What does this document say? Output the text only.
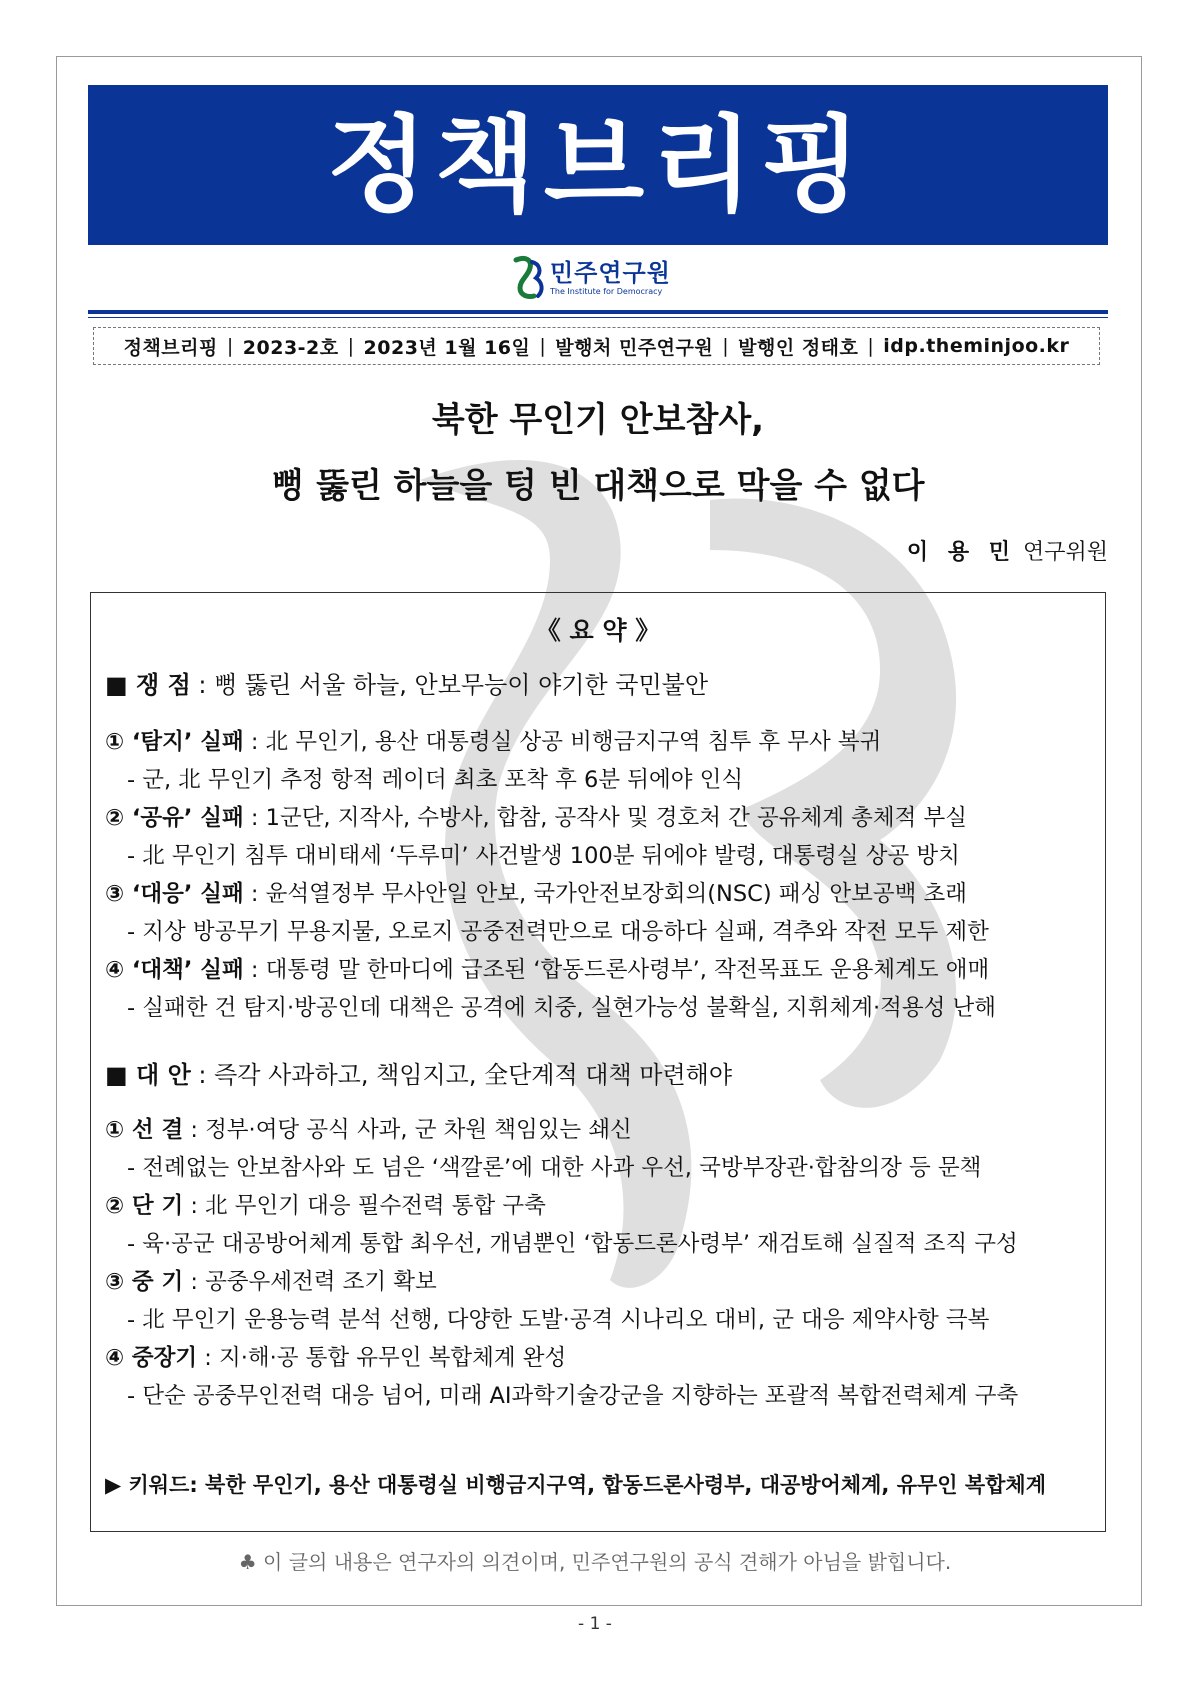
정책브리핑
민주연구원
The Institute for Democracy
정책브리핑 | 2023-2호 | 2023년 1월 16일 | 발행처 민주연구원 | 발행인 정태호 | idp.theminjoo.kr
북한 무인기 안보참사,
뻥 뚫린 하늘을 텅 빈 대책으로 막을 수 없다
이 용 민 연구위원
《 요 약 》
■ 쟁 점 : 뻥 뚫린 서울 하늘, 안보무능이 야기한 국민불안
① ‘탐지’ 실패 : 北 무인기, 용산 대통령실 상공 비행금지구역 침투 후 무사 복귀
- 군, 北 무인기 추정 항적 레이더 최초 포착 후 6분 뒤에야 인식
② ‘공유’ 실패 : 1군단, 지작사, 수방사, 합참, 공작사 및 경호처 간 공유체계 총체적 부실
- 北 무인기 침투 대비태세 ‘두루미’ 사건발생 100분 뒤에야 발령, 대통령실 상공 방치
③ ‘대응’ 실패 : 윤석열정부 무사안일 안보, 국가안전보장회의(NSC) 패싱 안보공백 초래
- 지상 방공무기 무용지물, 오로지 공중전력만으로 대응하다 실패, 격추와 작전 모두 제한
④ ‘대책’ 실패 : 대통령 말 한마디에 급조된 ‘합동드론사령부’, 작전목표도 운용체계도 애매
- 실패한 건 탐지·방공인데 대책은 공격에 치중, 실현가능성 불확실, 지휘체계·적용성 난해
■ 대 안 : 즉각 사과하고, 책임지고, 全단계적 대책 마련해야
① 선 결 : 정부·여당 공식 사과, 군 차원 책임있는 쇄신
- 전례없는 안보참사와 도 넘은 ‘색깔론’에 대한 사과 우선, 국방부장관·합참의장 등 문책
② 단 기 : 北 무인기 대응 필수전력 통합 구축
- 육·공군 대공방어체계 통합 최우선, 개념뿐인 ‘합동드론사령부’ 재검토해 실질적 조직 구성
③ 중 기 : 공중우세전력 조기 확보
- 北 무인기 운용능력 분석 선행, 다양한 도발·공격 시나리오 대비, 군 대응 제약사항 극복
④ 중장기 : 지·해·공 통합 유무인 복합체계 완성
- 단순 공중무인전력 대응 넘어, 미래 AI과학기술강군을 지향하는 포괄적 복합전력체계 구축
▶ 키워드: 북한 무인기, 용산 대통령실 비행금지구역, 합동드론사령부, 대공방어체계, 유무인 복합체계
♣ 이 글의 내용은 연구자의 의견이며, 민주연구원의 공식 견해가 아님을 밝힙니다.
- 1 -
